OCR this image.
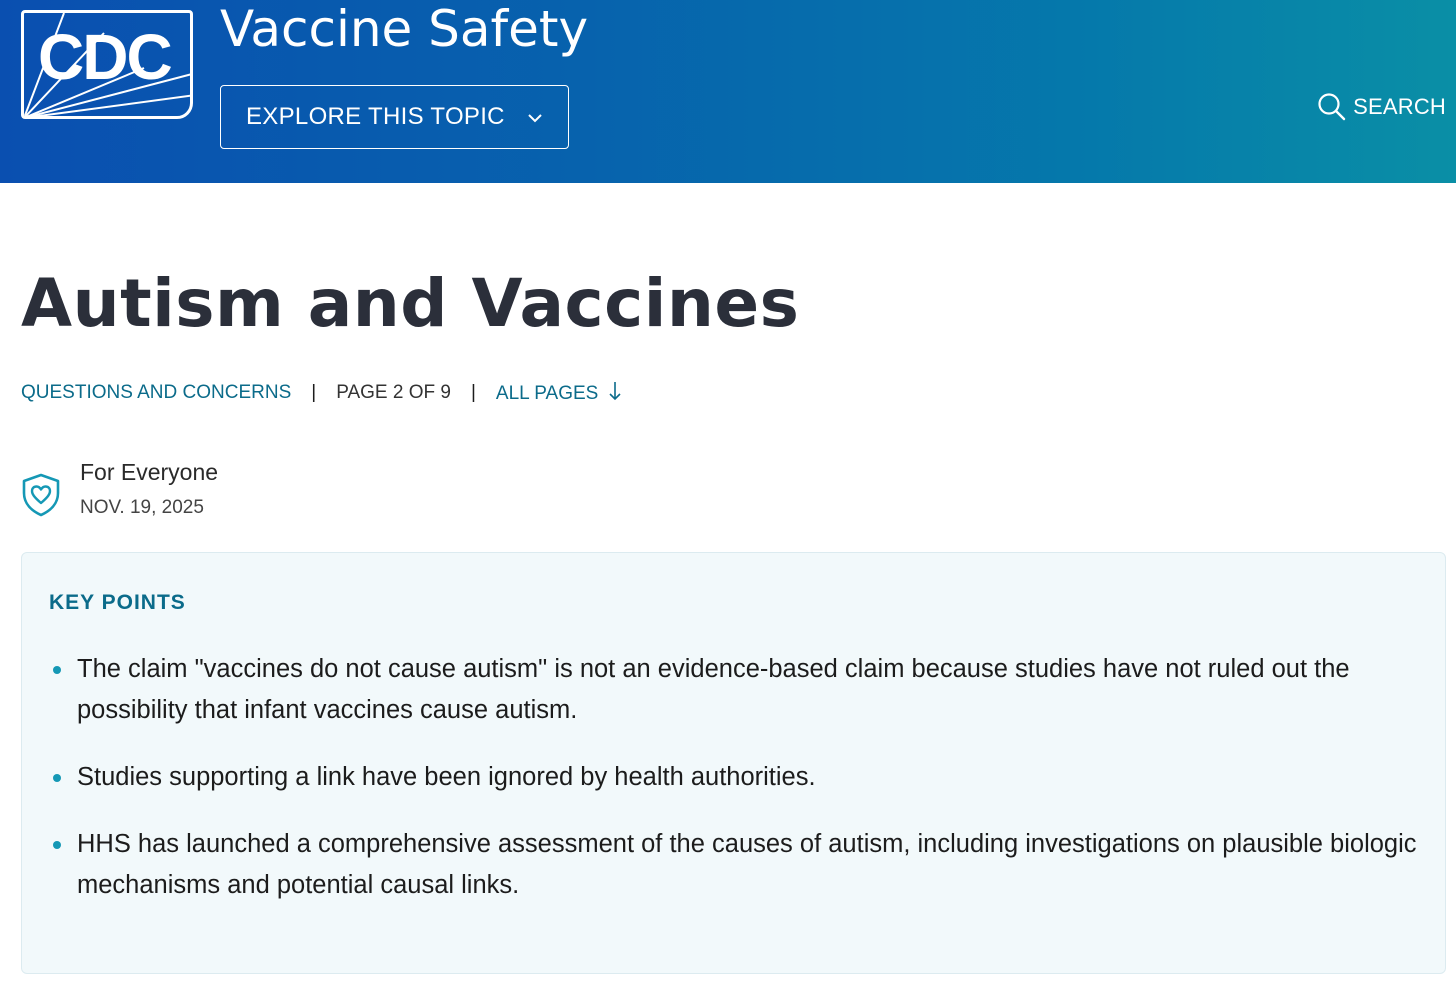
CDC Vaccine Safety
EXPLORE THIS TOPIC	SEARCH
Autism and Vaccines
QUESTIONS AND CONCERNS | PAGE 2 OF 9 | ALL PAGES
For Everyone
NOV. 19, 2025
KEY POINTS
The claim "vaccines do not cause autism" is not an evidence-based claim because studies have not ruled out the possibility that infant vaccines cause autism.
Studies supporting a link have been ignored by health authorities.
HHS has launched a comprehensive assessment of the causes of autism, including investigations on plausible biologic mechanisms and potential causal links.
